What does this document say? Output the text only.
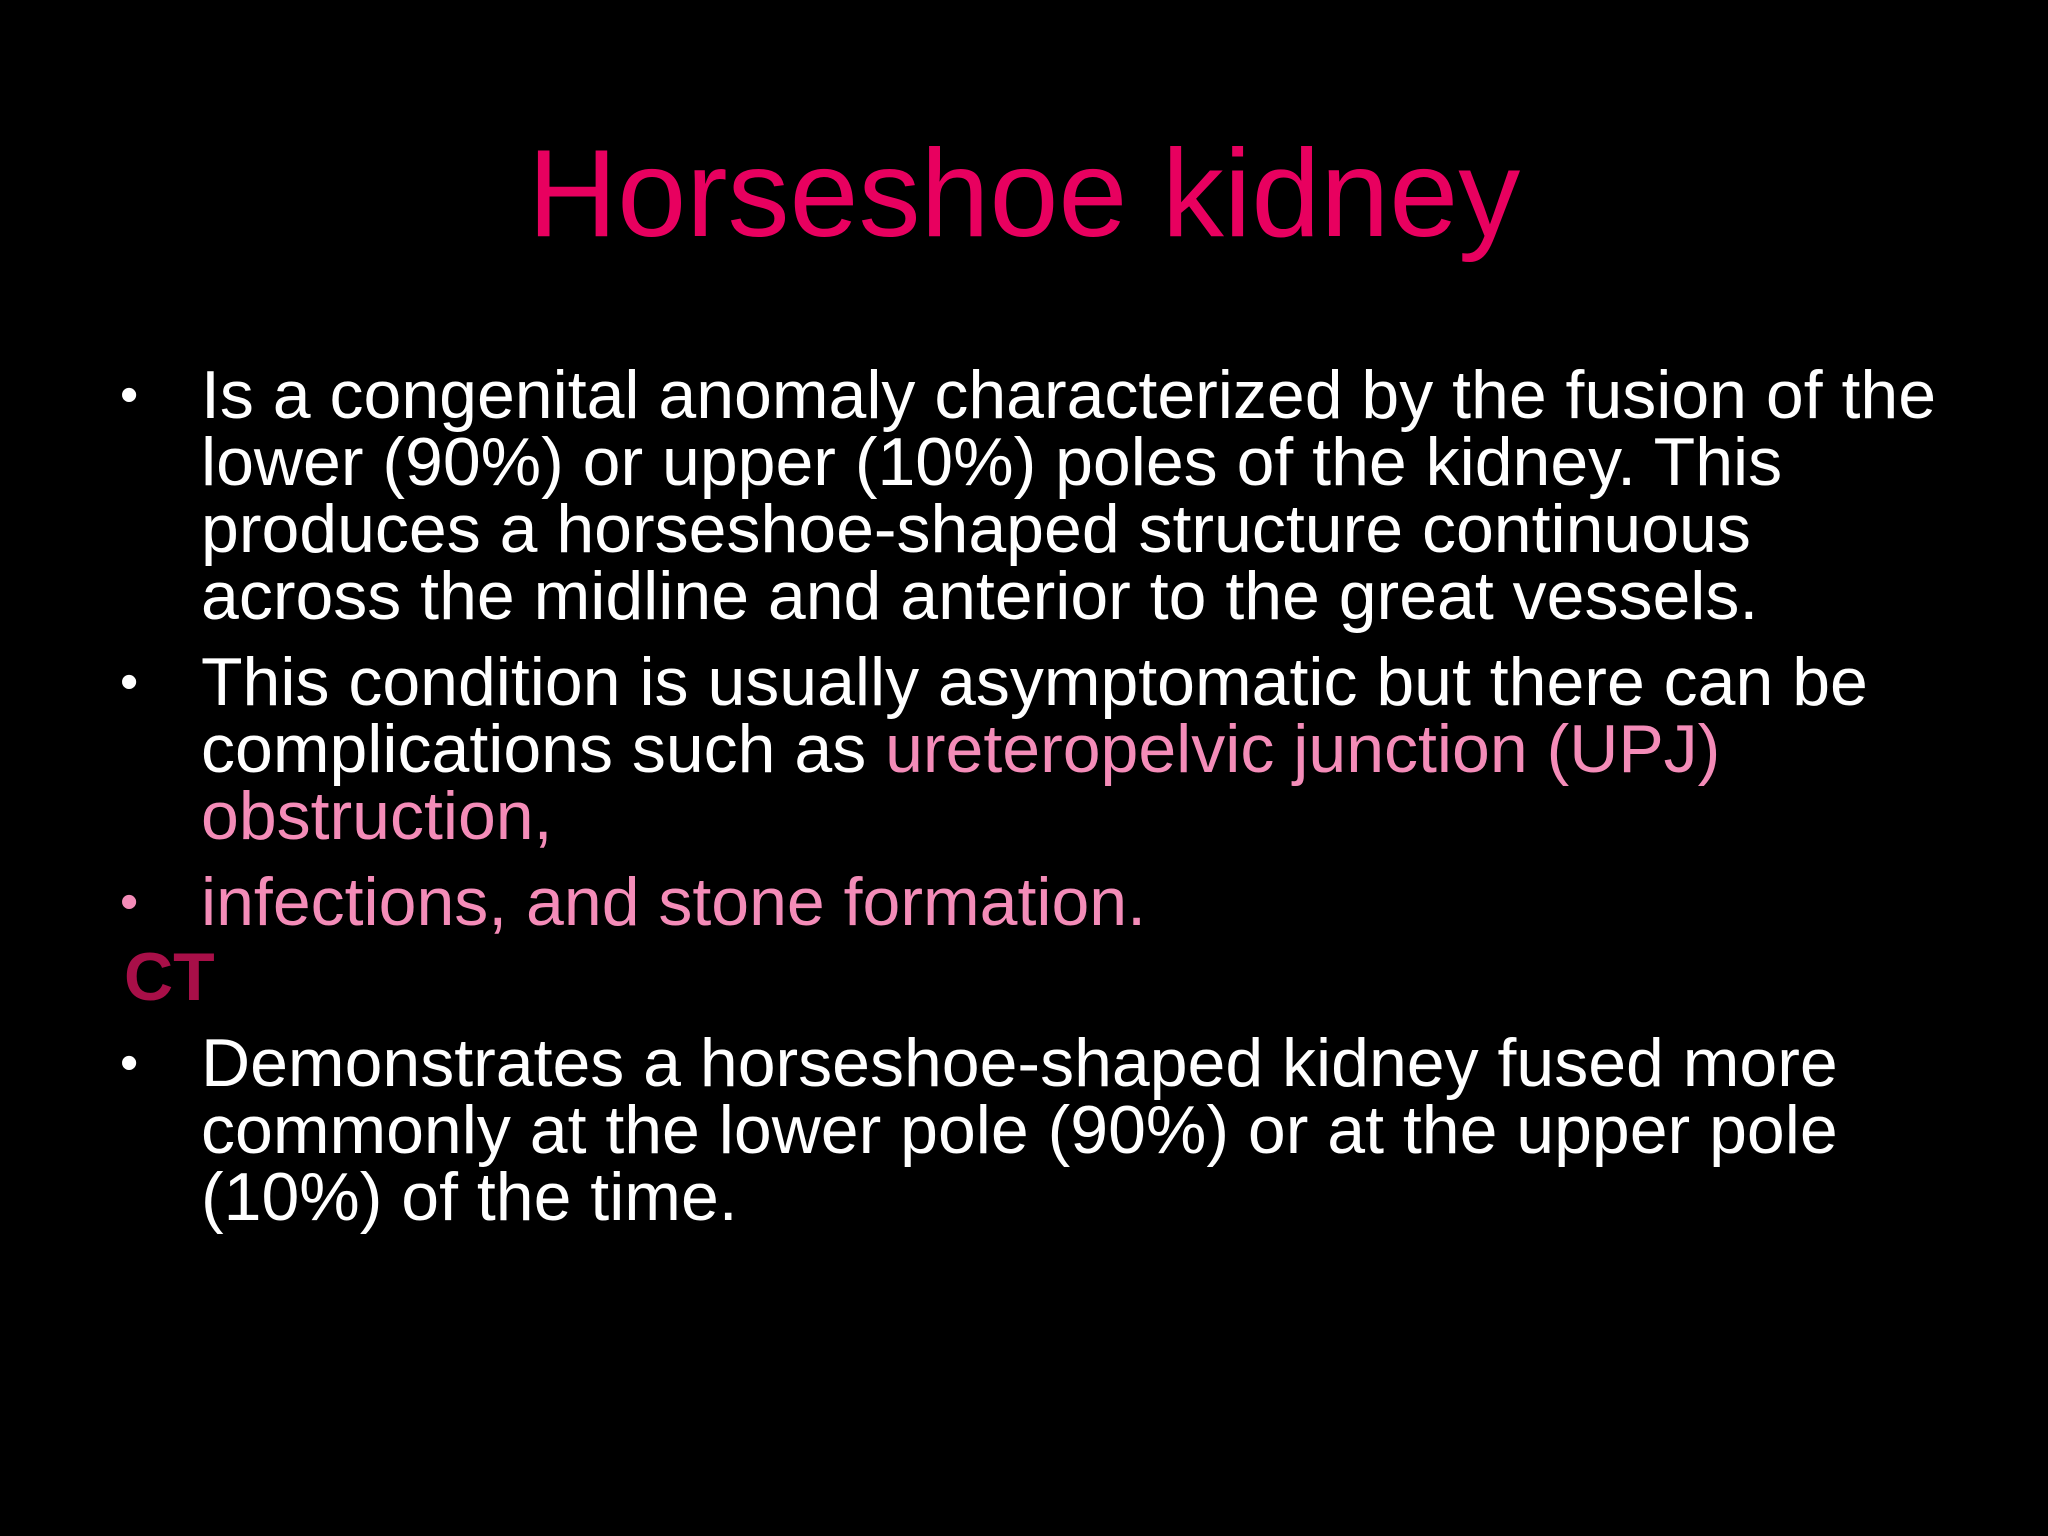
Horseshoe kidney

• Is a congenital anomaly characterized by the fusion of the lower (90%) or upper (10%) poles of the kidney. This produces a horseshoe-shaped structure continuous across the midline and anterior to the great vessels.

• This condition is usually asymptomatic but there can be complications such as ureteropelvic junction (UPJ) obstruction,

• infections, and stone formation.

CT

• Demonstrates a horseshoe-shaped kidney fused more commonly at the lower pole (90%) or at the upper pole (10%) of the time.
